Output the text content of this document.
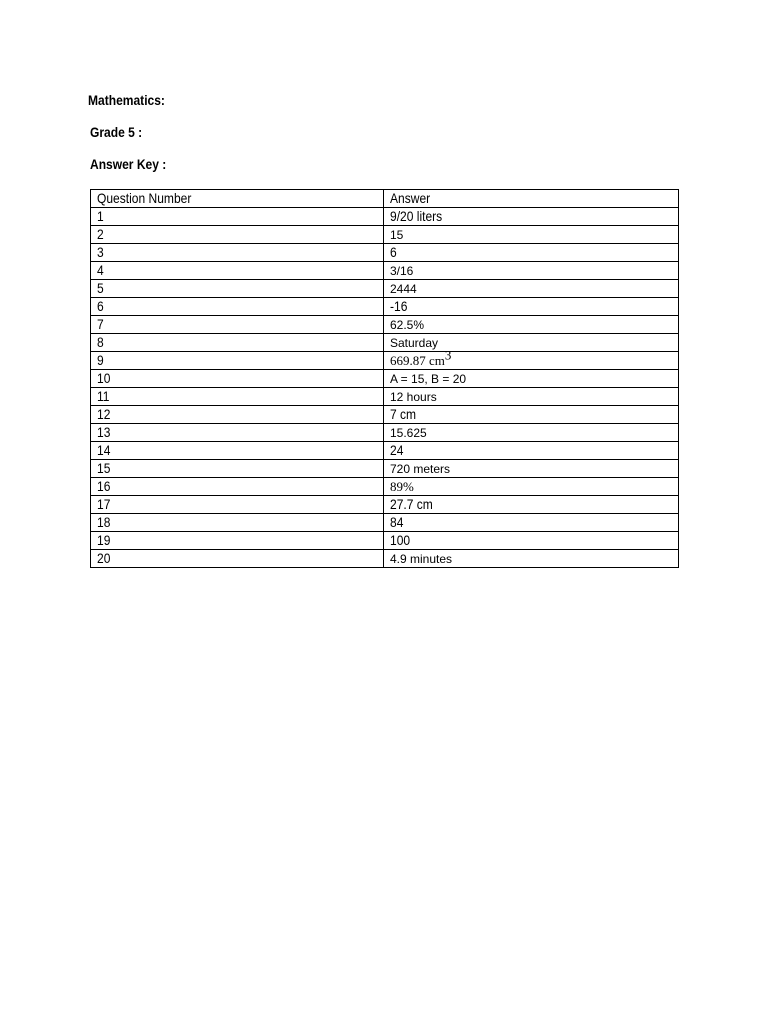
Mathematics:
Grade 5 :
Answer Key :
Question Number	Answer
1	9/20 liters
2	15
3	6
4	3/16
5	2444
6	-16
7	62.5%
8	Saturday
9	669.87 $cm^3$
10	A = 15, B = 20
11	12 hours
12	7 cm
13	15.625
14	24
15	720 meters
16	89%
17	27.7 cm
18	84
19	100
20	4.9 minutes
